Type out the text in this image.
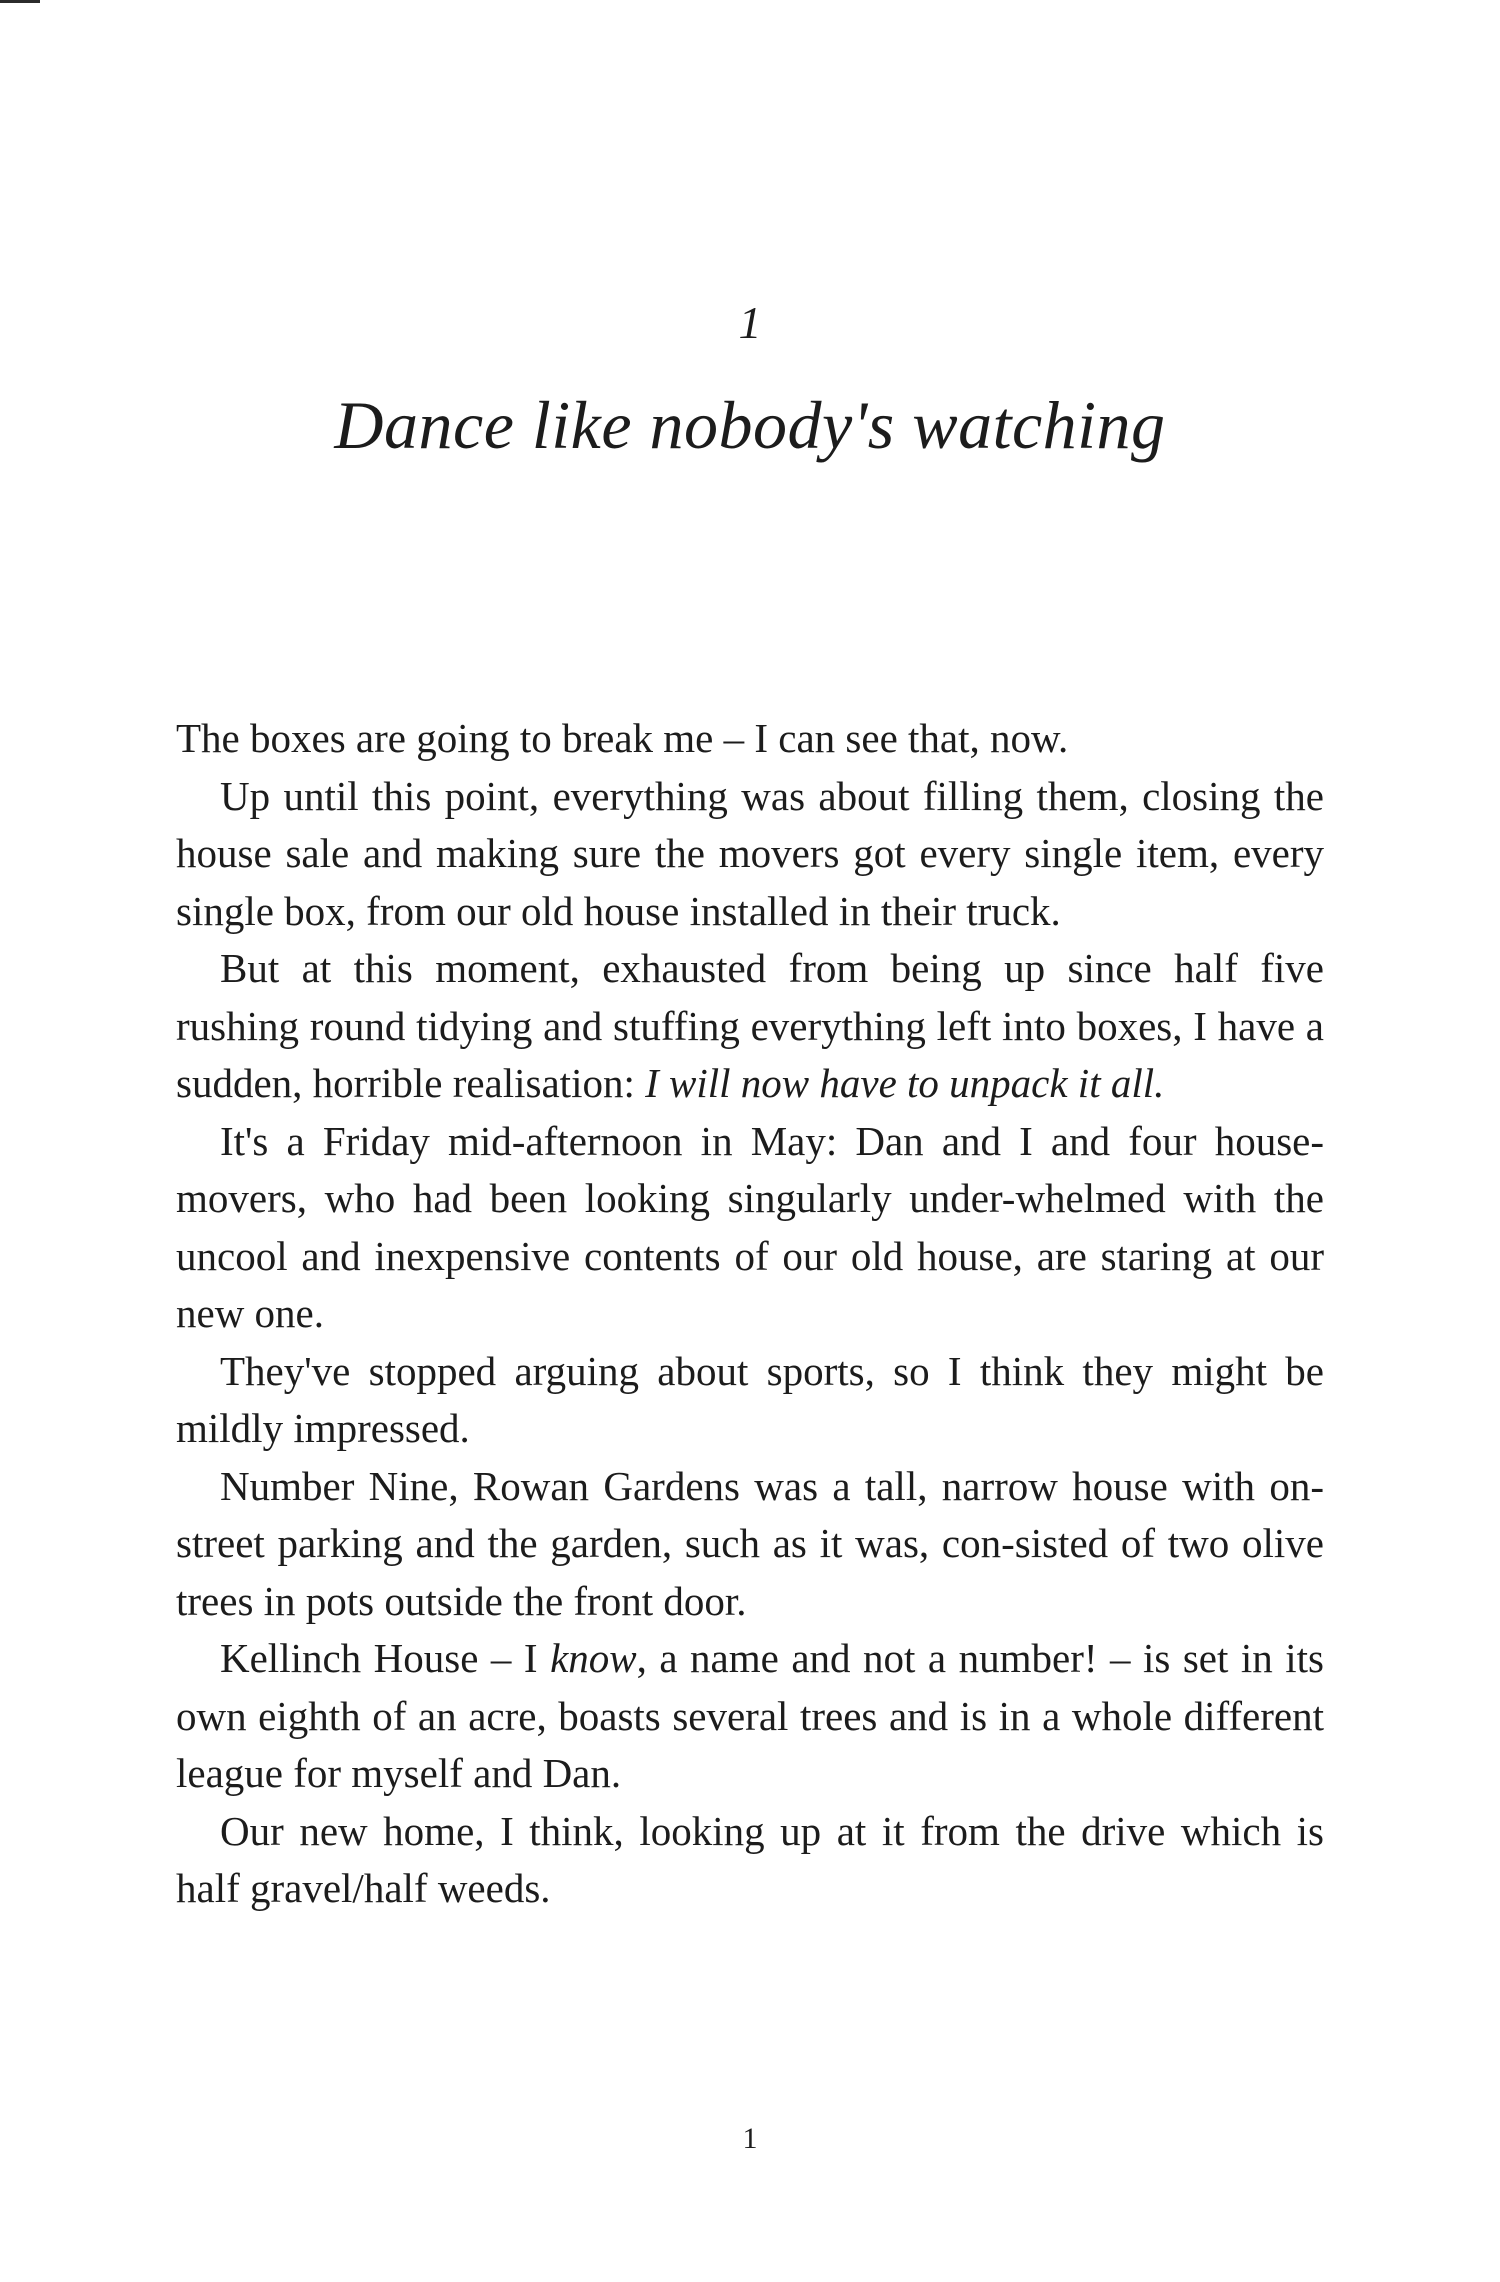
1
Dance like nobody's watching

The boxes are going to break me – I can see that, now.

Up until this point, everything was about filling them, closing the house sale and making sure the movers got every single item, every single box, from our old house installed in their truck.

But at this moment, exhausted from being up since half five rushing round tidying and stuffing everything left into boxes, I have a sudden, horrible realisation: I will now have to unpack it all.

It's a Friday mid-afternoon in May: Dan and I and four house-movers, who had been looking singularly under-whelmed with the uncool and inexpensive contents of our old house, are staring at our new one.

They've stopped arguing about sports, so I think they might be mildly impressed.

Number Nine, Rowan Gardens was a tall, narrow house with on-street parking and the garden, such as it was, con-sisted of two olive trees in pots outside the front door.

Kellinch House – I know, a name and not a number! – is set in its own eighth of an acre, boasts several trees and is in a whole different league for myself and Dan.

Our new home, I think, looking up at it from the drive which is half gravel/half weeds.

1
